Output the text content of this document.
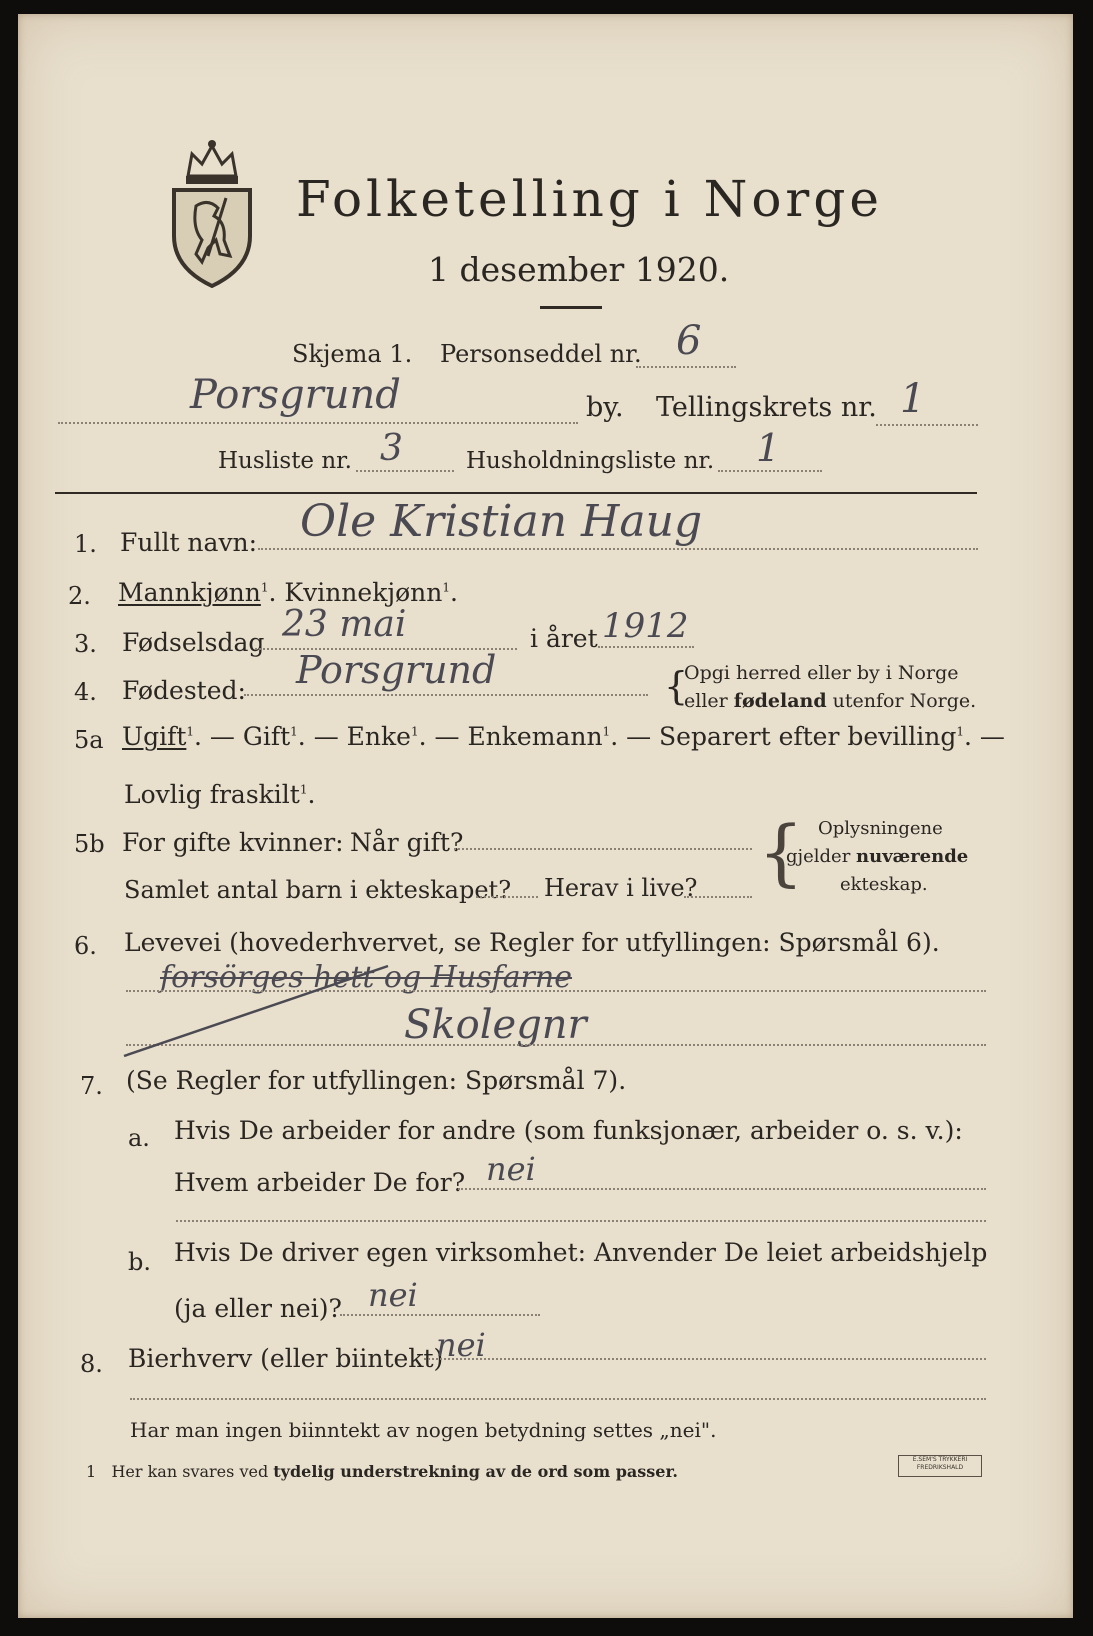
Folketelling i Norge
1 desember 1920.
Skjema 1. Personseddel nr. 6
Porsgrund	by. Tellingskrets nr. 1
Husliste nr. 3	Husholdningsliste nr. 1
1. Fullt navn: Ole Kristian Haug
2. Mannkjønn$^1$. Kvinnekjønn$^1$.
3. Fødselsdag 23 mai	i året 1912
4. Fødested: Porsgrund	{
Opgi herred eller by i Norge
eller fødeland utenfor Norge.
5a Ugift$^1$. — Gift$^1$. — Enke$^1$. — Enkemann$^1$. — Separert efter bevilling$^1$. —
Lovlig fraskilt$^1$.
5b For gifte kvinner: Når gift?
Samlet antal barn i ekteskapet? Herav i live? { Oplysningene
gjelder nuværende
ekteskap.
6. Levevei (hovederhvervet, se Regler for utfyllingen: Spørsmål 6).
forsörges hett og Husfarne
Skolegnr
7. (Se Regler for utfyllingen: Spørsmål 7).
a. Hvis De arbeider for andre (som funksjonær, arbeider o. s. v.):
Hvem arbeider De for? nei
b. Hvis De driver egen virksomhet: Anvender De leiet arbeidshjelp
(ja eller nei)? nei
8. Bierhverv (eller biintekt)
nei
Har man ingen biinntekt av nogen betydning settes „nei".
1 Her kan svares ved tydelig understrekning av de ord som passer.
E.SEM'S TRYKKERI
FREDRIKSHALD
